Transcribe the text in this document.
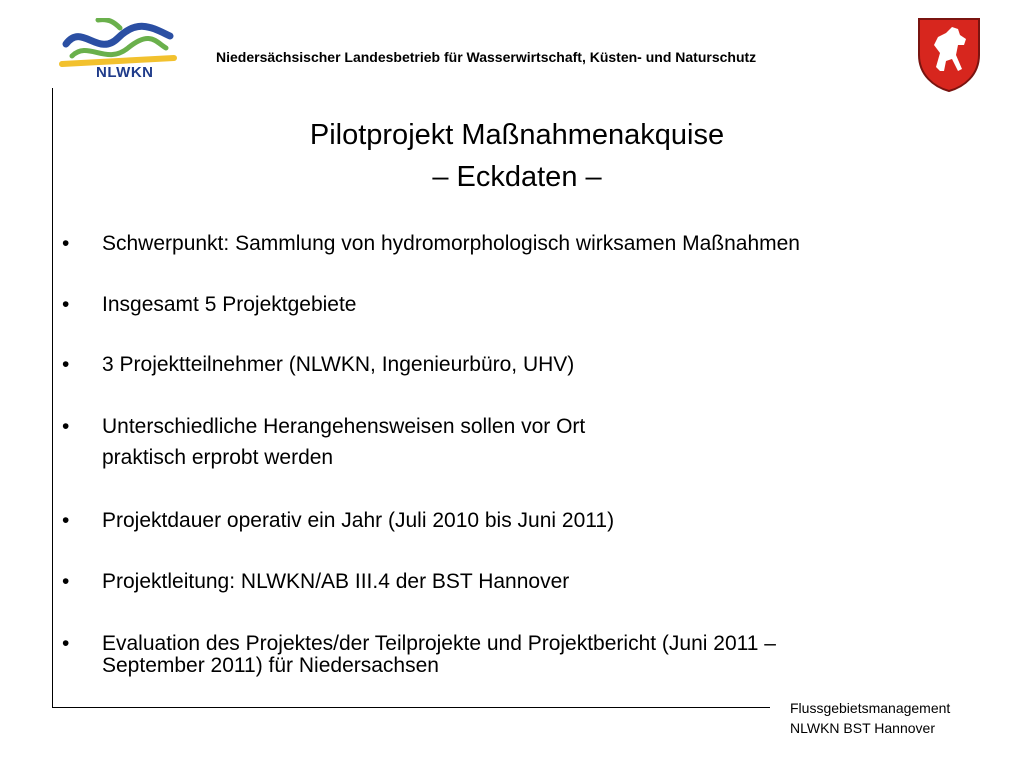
NLWKN
Niedersächsischer Landesbetrieb für Wasserwirtschaft, Küsten- und Naturschutz
Pilotprojekt Maßnahmenakquise
– Eckdaten –
• Schwerpunkt: Sammlung von hydromorphologisch wirksamen Maßnahmen
• Insgesamt 5 Projektgebiete
• 3 Projektteilnehmer (NLWKN, Ingenieurbüro, UHV)
• Unterschiedliche Herangehensweisen sollen vor Ort
praktisch erprobt werden
• Projektdauer operativ ein Jahr (Juli 2010 bis Juni 2011)
• Projektleitung: NLWKN/AB III.4 der BST Hannover
• Evaluation des Projektes/der Teilprojekte und Projektbericht (Juni 2011 –
September 2011) für Niedersachsen
Flussgebietsmanagement
NLWKN BST Hannover
